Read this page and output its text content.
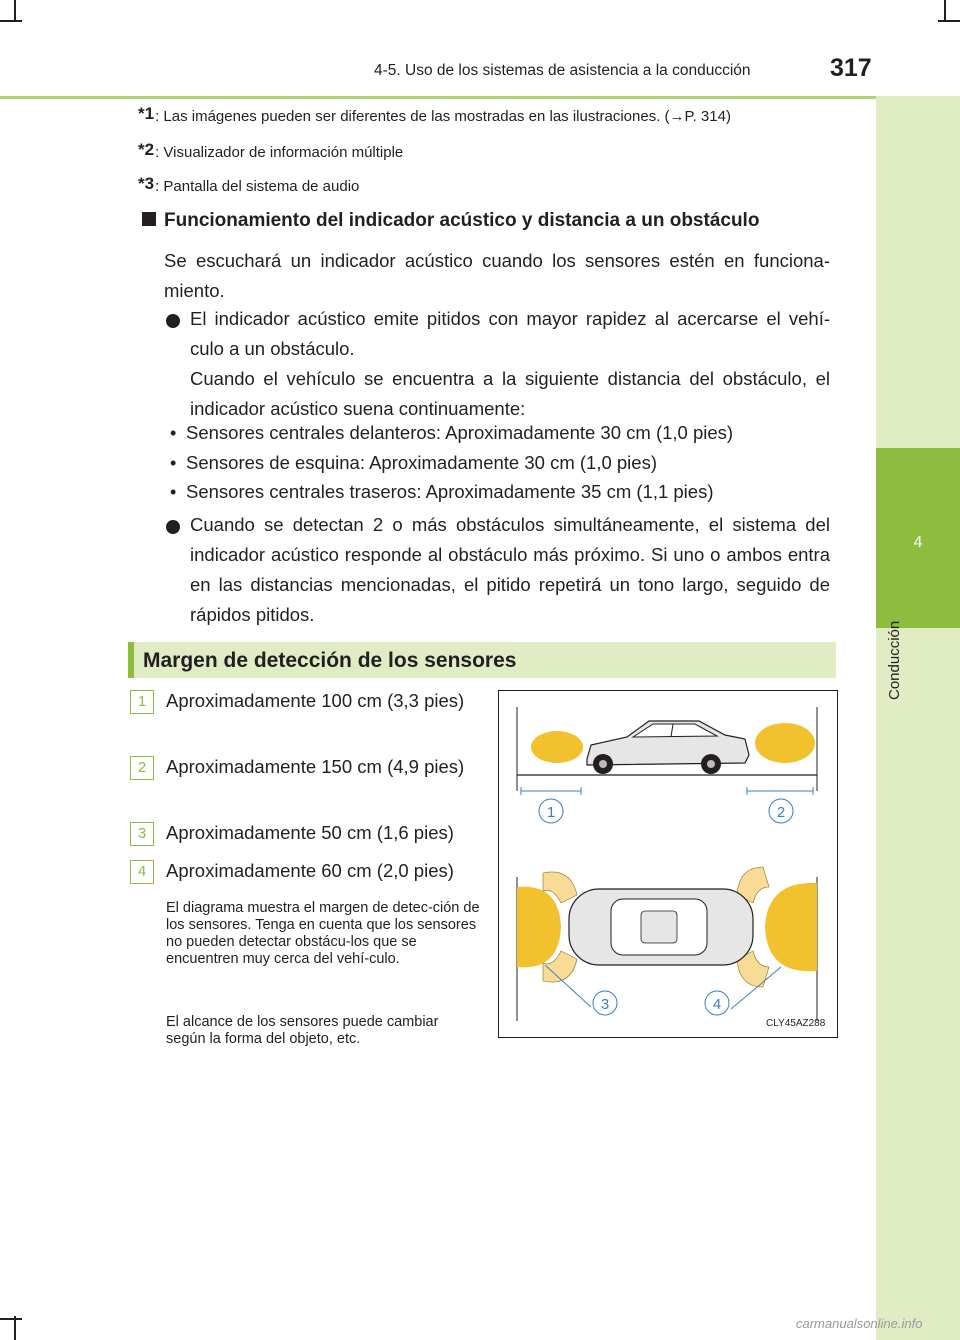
4-5. Uso de los sistemas de asistencia a la conducción	317
4
Conducción
$^{*1}$: Las imágenes pueden ser diferentes de las mostradas en las ilustraciones. (→P. 314)
$^{*2}$: Visualizador de información múltiple
$^{*3}$: Pantalla del sistema de audio
Funcionamiento del indicador acústico y distancia a un obstáculo
Se escuchará un indicador acústico cuando los sensores estén en funciona-miento.
El indicador acústico emite pitidos con mayor rapidez al acercarse el vehí-culo a un obstáculo.
Cuando el vehículo se encuentra a la siguiente distancia del obstáculo, el indicador acústico suena continuamente:
• Sensores centrales delanteros: Aproximadamente 30 cm (1,0 pies)
• Sensores de esquina: Aproximadamente 30 cm (1,0 pies)
• Sensores centrales traseros: Aproximadamente 35 cm (1,1 pies)
Cuando se detectan 2 o más obstáculos simultáneamente, el sistema del indicador acústico responde al obstáculo más próximo. Si uno o ambos entra en las distancias mencionadas, el pitido repetirá un tono largo, seguido de rápidos pitidos.
Margen de detección de los sensores
1	Aproximadamente 100 cm (3,3 pies)
2	Aproximadamente 150 cm (4,9 pies)
3	Aproximadamente 50 cm (1,6 pies)
4	Aproximadamente 60 cm (2,0 pies)
El diagrama muestra el margen de detec-ción de los sensores. Tenga en cuenta que los sensores no pueden detectar obstácu-los que se encuentren muy cerca del vehí-culo.
El alcance de los sensores puede cambiar según la forma del objeto, etc.
1	2
3	4
CLY45AZ288
carmanualsonline.info
